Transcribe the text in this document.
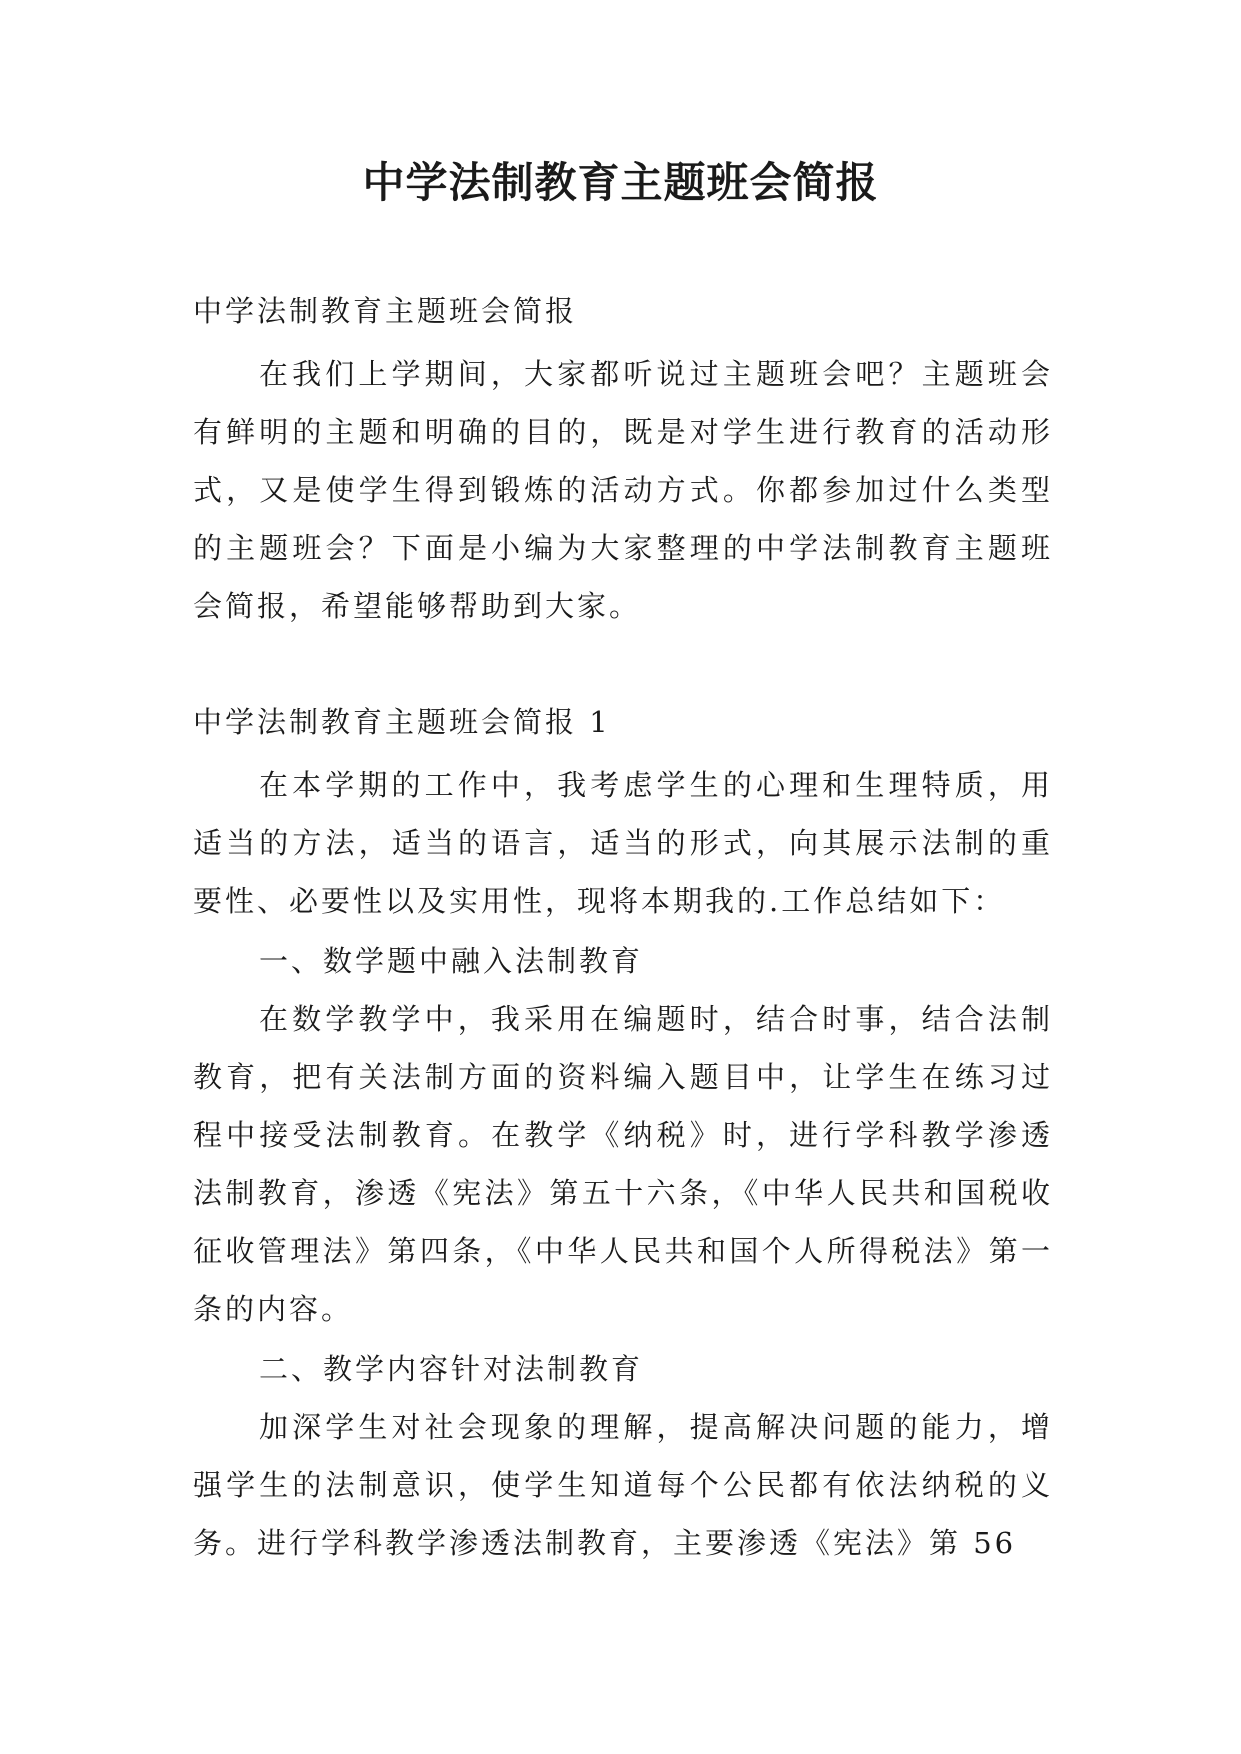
中学法制教育主题班会简报

中学法制教育主题班会简报

在我们上学期间，大家都听说过主题班会吧？主题班会有鲜明的主题和明确的目的，既是对学生进行教育的活动形式，又是使学生得到锻炼的活动方式。你都参加过什么类型的主题班会？下面是小编为大家整理的中学法制教育主题班会简报，希望能够帮助到大家。

中学法制教育主题班会简报 1

在本学期的工作中，我考虑学生的心理和生理特质，用适当的方法，适当的语言，适当的形式，向其展示法制的重要性、必要性以及实用性，现将本期我的.工作总结如下：

一、数学题中融入法制教育

在数学教学中，我采用在编题时，结合时事，结合法制教育，把有关法制方面的资料编入题目中，让学生在练习过程中接受法制教育。在教学《纳税》时，进行学科教学渗透法制教育，渗透《宪法》第五十六条，《中华人民共和国税收征收管理法》第四条，《中华人民共和国个人所得税法》第一条的内容。

二、教学内容针对法制教育

加深学生对社会现象的理解，提高解决问题的能力，增强学生的法制意识，使学生知道每个公民都有依法纳税的义务。进行学科教学渗透法制教育，主要渗透《宪法》第 56
